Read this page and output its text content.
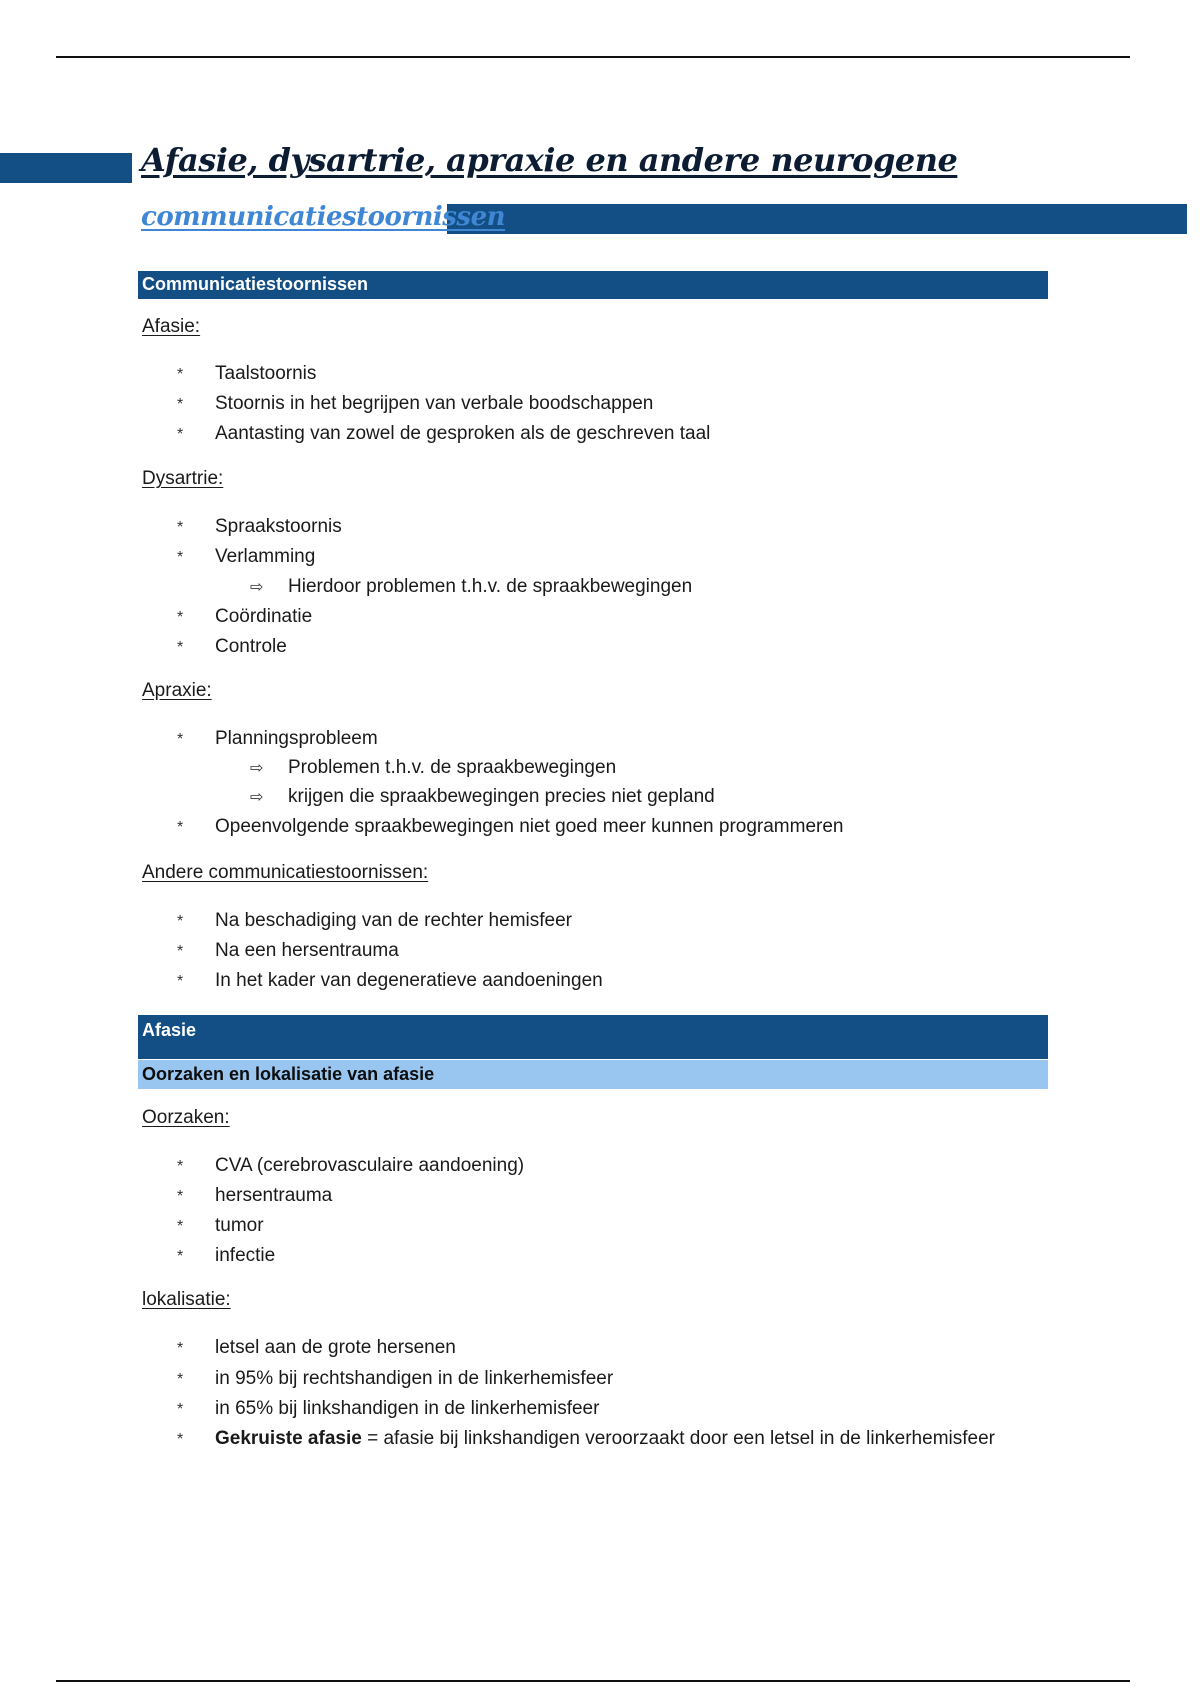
Afasie, dysartrie, apraxie en andere neurogene
communicatiestoornissen
Communicatiestoornissen
Afasie:
* Taalstoornis
* Stoornis in het begrijpen van verbale boodschappen
* Aantasting van zowel de gesproken als de geschreven taal
Dysartrie:
* Spraakstoornis
* Verlamming
⇨ Hierdoor problemen t.h.v. de spraakbewegingen
* Coördinatie
* Controle
Apraxie:
* Planningsprobleem
⇨ Problemen t.h.v. de spraakbewegingen
⇨ krijgen die spraakbewegingen precies niet gepland
* Opeenvolgende spraakbewegingen niet goed meer kunnen programmeren
Andere communicatiestoornissen:
* Na beschadiging van de rechter hemisfeer
* Na een hersentrauma
* In het kader van degeneratieve aandoeningen
Afasie
Oorzaken en lokalisatie van afasie
Oorzaken:
* CVA (cerebrovasculaire aandoening)
* hersentrauma
* tumor
* infectie
lokalisatie:
* letsel aan de grote hersenen
* in 95% bij rechtshandigen in de linkerhemisfeer
* in 65% bij linkshandigen in de linkerhemisfeer
* Gekruiste afasie = afasie bij linkshandigen veroorzaakt door een letsel in de linkerhemisfeer
